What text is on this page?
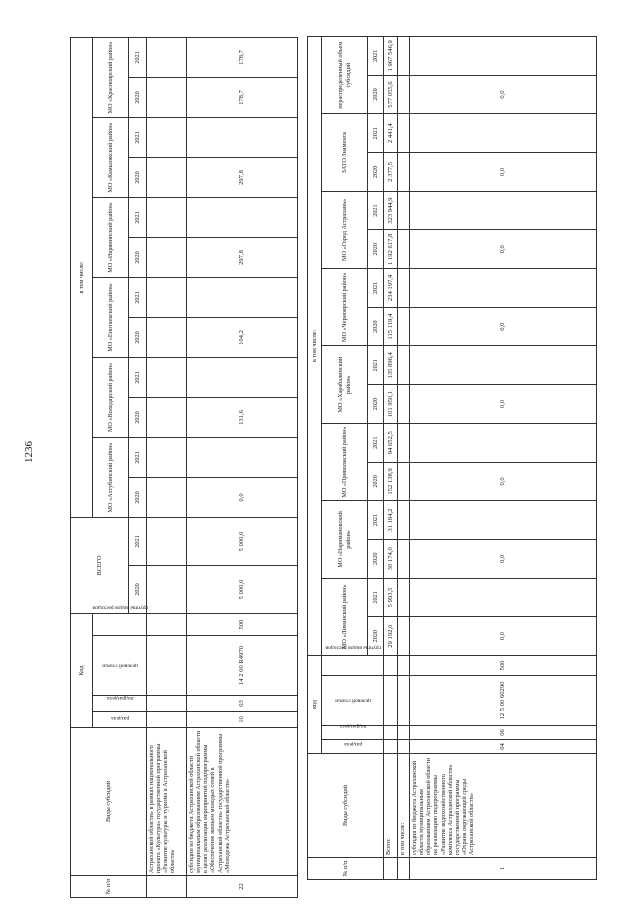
1236
№ п/п	Виды субсидий	Код				ВСЕГО		в том числе:											
		раздела	подраздела	целевой статьи	группы видов расходов			МО «Ахтубинский район»		МО «Володарский район»		МО «Енотаевский район»		МО «Икрянинский район»		МО «Камызякский район»		МО «Красноярский район»	
						2020	2021	2020	2021	2020	2021	2020	2021	2020	2021	2020	2021	2020	2021
	Астраханской области» в рамках национального проекта «Культура» государственной программы «Развитие культуры и туризма в Астраханской области»																		
22	субсидии из бюджета Астраханской области муниципальным образованиям Астраханской области в целях реализации мероприятий подпрограммы «Обеспечение жильем молодых семей в Астраханской области» государственной программы «Молодежь Астраханской области»	10	03	14 2 00 R4970	500	5 000,0	5 000,0	0,0		131,6		104,2		297,8		297,8		178,7	178,7
№ п/п	Виды субсидий	код				в том числе:															
		раздела	подраздела	целевой статьи	группы видов расходов	МО «Лиманский район»		МО «Наримановский район»		МО «Приволжский район»		МО «Харабалинский район»		МО «Черноярский район»		МО «Город Астрахань»		ЗАТО Знаменск		нераспределенный объем субсидий	
						2020	2021	2020	2021	2020	2021	2020	2021	2020	2021	2020	2021	2020	2021	2020	2021
	Всего:					29 192,0	5 993,5	30 174,0	31 184,2	152 138,9	94 652,5	101 950,1	135 896,4	115 119,4	234 197,4	1 192 617,8	323 944,9	2 377,5	2 441,4	577 055,6	1 967 546,9
	в том числе:																				
1	субсидия из бюджета Астраханской области муниципальным образованиям Астраханской области на реализацию подпрограммы «Развитие водохозяйственного комплекса Астраханской области» государственной программы «Охрана окружающей среды Астраханской области»	04	06	12 5 00 60290	500	0,0		0,0		0,0		0,0		0,0		0,0		0,0		0,0	
